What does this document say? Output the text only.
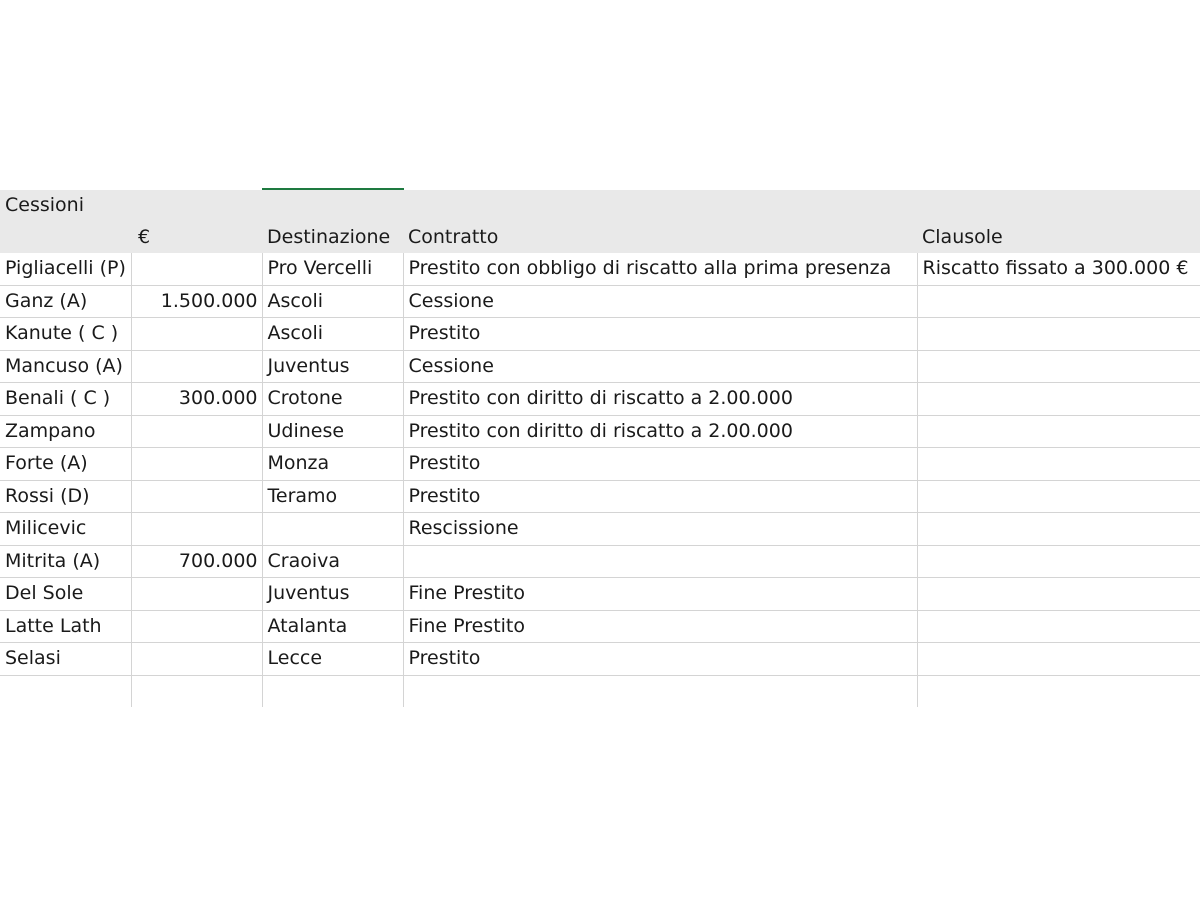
Cessioni				
	€	Destinazione	Contratto	Clausole
Pigliacelli (P)		Pro Vercelli	Prestito con obbligo di riscatto alla prima presenza	Riscatto fissato a 300.000 €
Ganz (A)	1.500.000	Ascoli	Cessione	
Kanute ( C )		Ascoli	Prestito	
Mancuso (A)		Juventus	Cessione	
Benali ( C )	300.000	Crotone	Prestito con diritto di riscatto a 2.00.000	
Zampano		Udinese	Prestito con diritto di riscatto a 2.00.000	
Forte (A)		Monza	Prestito	
Rossi (D)		Teramo	Prestito	
Milicevic			Rescissione	
Mitrita (A)	700.000	Craoiva		
Del Sole		Juventus	Fine Prestito	
Latte Lath		Atalanta	Fine Prestito	
Selasi		Lecce	Prestito	
